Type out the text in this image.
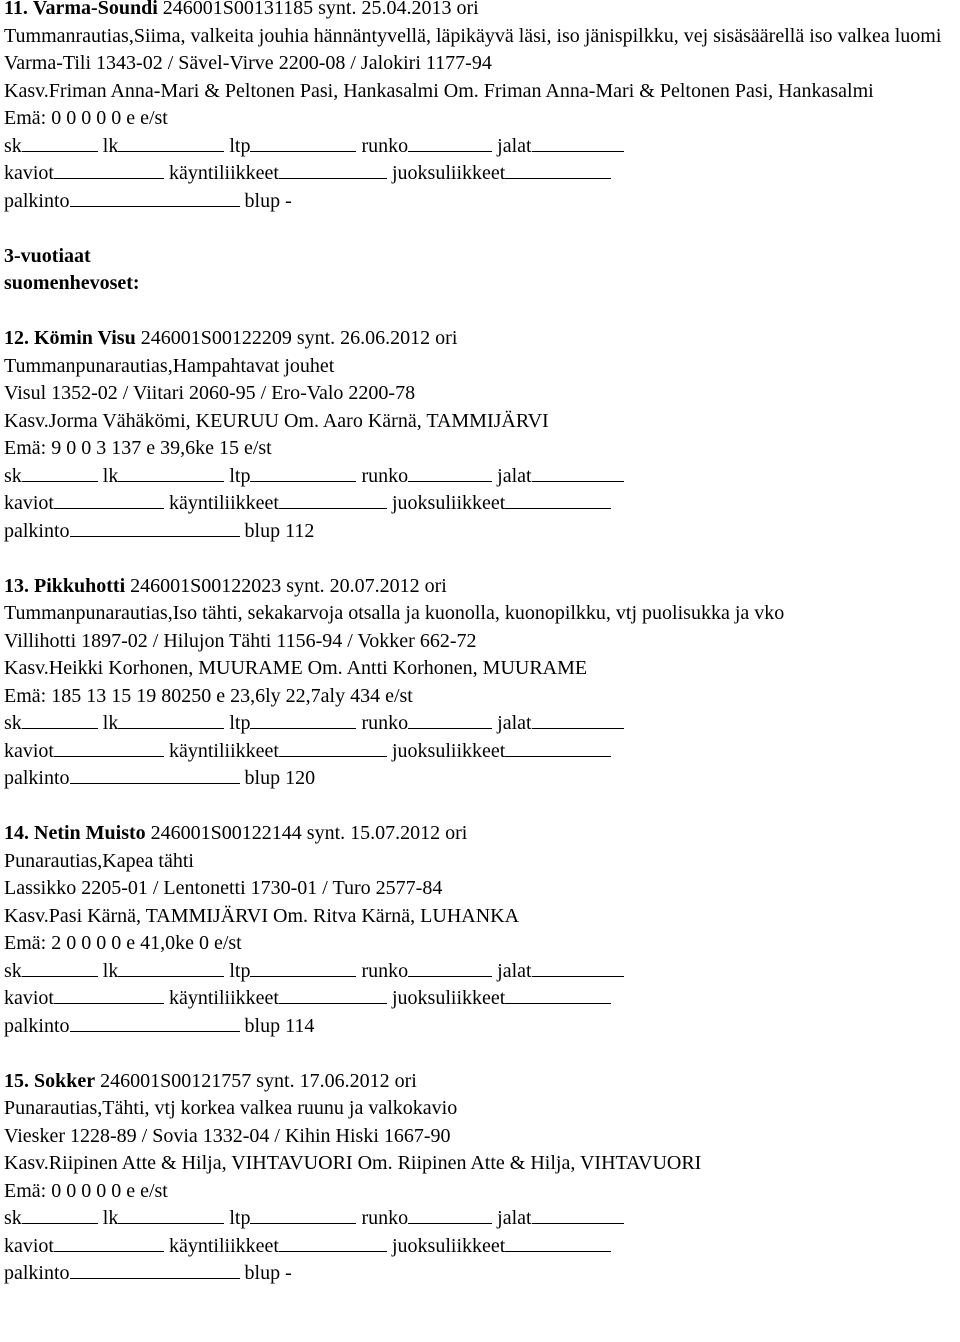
11. Varma-Soundi 246001S00131185 synt. 25.04.2013 ori
Tummanrautias,Siima, valkeita jouhia hännäntyvellä, läpikäyvä läsi, iso jänispilkku, vej sisäsäärellä iso valkea luomi
Varma-Tili 1343-02 / Sävel-Virve 2200-08 / Jalokiri 1177-94
Kasv.Friman Anna-Mari & Peltonen Pasi, Hankasalmi Om. Friman Anna-Mari & Peltonen Pasi, Hankasalmi
Emä: 0 0 0 0 0 e e/st
sk	lk	ltp	runko	jalat
kaviot	käyntiliikkeet	juoksuliikkeet
palkinto	blup -
3-vuotiaat
suomenhevoset:
12. Kömin Visu 246001S00122209 synt. 26.06.2012 ori
Tummanpunarautias,Hampahtavat jouhet
Visul 1352-02 / Viitari 2060-95 / Ero-Valo 2200-78
Kasv.Jorma Vähäkömi, KEURUU Om. Aaro Kärnä, TAMMIJÄRVI
Emä: 9 0 0 3 137 e 39,6ke 15 e/st
sk	lk	ltp	runko	jalat
kaviot	käyntiliikkeet	juoksuliikkeet
palkinto	blup 112
13. Pikkuhotti 246001S00122023 synt. 20.07.2012 ori
Tummanpunarautias,Iso tähti, sekakarvoja otsalla ja kuonolla, kuonopilkku, vtj puolisukka ja vko
Villihotti 1897-02 / Hilujon Tähti 1156-94 / Vokker 662-72
Kasv.Heikki Korhonen, MUURAME Om. Antti Korhonen, MUURAME
Emä: 185 13 15 19 80250 e 23,6ly 22,7aly 434 e/st
sk	lk	ltp	runko	jalat
kaviot	käyntiliikkeet	juoksuliikkeet
palkinto	blup 120
14. Netin Muisto 246001S00122144 synt. 15.07.2012 ori
Punarautias,Kapea tähti
Lassikko 2205-01 / Lentonetti 1730-01 / Turo 2577-84
Kasv.Pasi Kärnä, TAMMIJÄRVI Om. Ritva Kärnä, LUHANKA
Emä: 2 0 0 0 0 e 41,0ke 0 e/st
sk	lk	ltp	runko	jalat
kaviot	käyntiliikkeet	juoksuliikkeet
palkinto	blup 114
15. Sokker 246001S00121757 synt. 17.06.2012 ori
Punarautias,Tähti, vtj korkea valkea ruunu ja valkokavio
Viesker 1228-89 / Sovia 1332-04 / Kihin Hiski 1667-90
Kasv.Riipinen Atte & Hilja, VIHTAVUORI Om. Riipinen Atte & Hilja, VIHTAVUORI
Emä: 0 0 0 0 0 e e/st
sk	lk	ltp	runko	jalat
kaviot	käyntiliikkeet	juoksuliikkeet
palkinto	blup -
